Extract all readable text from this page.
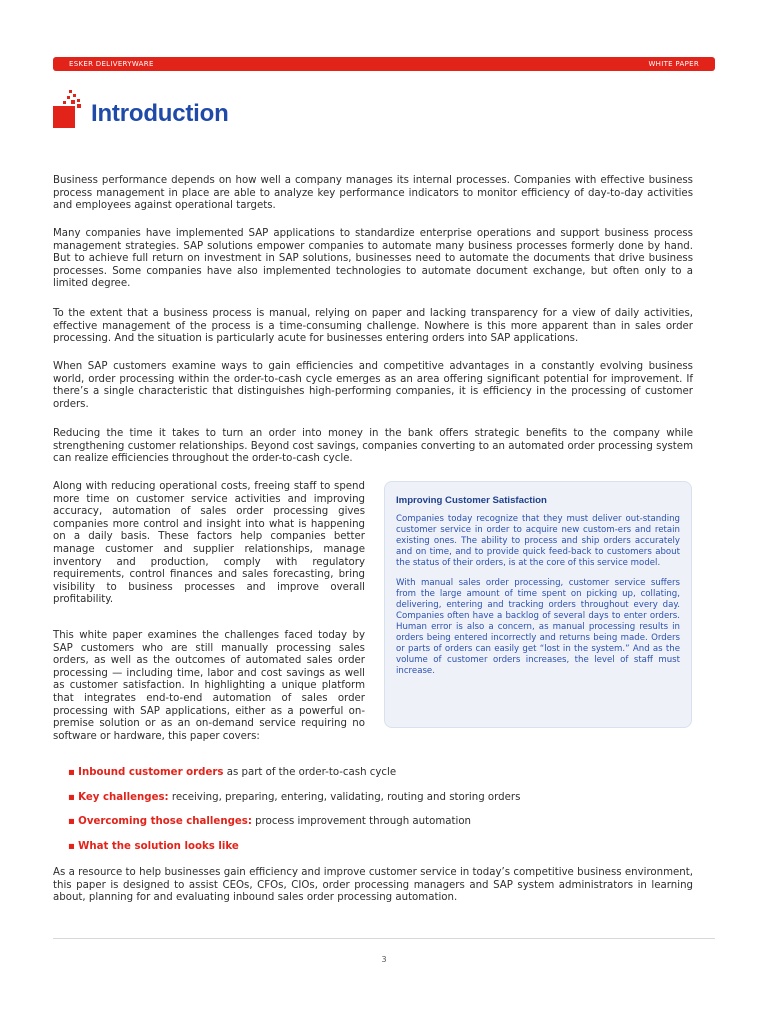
ESKER DELIVERYWARE	WHITE PAPER
Introduction

Business performance depends on how well a company manages its internal processes. Companies with effective business process management in place are able to analyze key performance indicators to monitor efficiency of day-to-day activities and employees against operational targets.

Many companies have implemented SAP applications to standardize enterprise operations and support business process management strategies. SAP solutions empower companies to automate many business processes formerly done by hand. But to achieve full return on investment in SAP solutions, businesses need to automate the documents that drive business processes. Some companies have also implemented technologies to automate document exchange, but often only to a limited degree.

To the extent that a business process is manual, relying on paper and lacking transparency for a view of daily activities, effective management of the process is a time-consuming challenge. Nowhere is this more apparent than in sales order processing. And the situation is particularly acute for businesses entering orders into SAP applications.

When SAP customers examine ways to gain efficiencies and competitive advantages in a constantly evolving business world, order processing within the order-to-cash cycle emerges as an area offering significant potential for improvement. If there’s a single characteristic that distinguishes high-performing companies, it is efficiency in the processing of customer orders.

Reducing the time it takes to turn an order into money in the bank offers strategic benefits to the company while strengthening customer relationships. Beyond cost savings, companies converting to an automated order processing system can realize efficiencies throughout the order-to-cash cycle.

Along with reducing operational costs, freeing staff to spend more time on customer service activities and improving accuracy, automation of sales order processing gives companies more control and insight into what is happening on a daily basis. These factors help companies better manage customer and supplier relationships, manage inventory and production, comply with regulatory requirements, control finances and sales forecasting, bring visibility to business processes and improve overall profitability.

This white paper examines the challenges faced today by SAP customers who are still manually processing sales orders, as well as the outcomes of automated sales order processing — including time, labor and cost savings as well as customer satisfaction. In highlighting a unique platform that integrates end-to-end automation of sales order processing with SAP applications, either as a powerful on-premise solution or as an on-demand service requiring no software or hardware, this paper covers:

Improving Customer Satisfaction

Companies today recognize that they must deliver out-standing customer service in order to acquire new custom-ers and retain existing ones. The ability to process and ship orders accurately and on time, and to provide quick feed-back to customers about the status of their orders, is at the core of this service model.

With manual sales order processing, customer service suffers from the large amount of time spent on picking up, collating, delivering, entering and tracking orders throughout every day. Companies often have a backlog of several days to enter orders. Human error is also a concern, as manual processing results in orders being entered incorrectly and returns being made. Orders or parts of orders can easily get “lost in the system.” And as the volume of customer orders increases, the level of staff must increase.

▪ Inbound customer orders as part of the order-to-cash cycle
▪ Key challenges: receiving, preparing, entering, validating, routing and storing orders
▪ Overcoming those challenges: process improvement through automation
▪ What the solution looks like

As a resource to help businesses gain efficiency and improve customer service in today’s competitive business environment, this paper is designed to assist CEOs, CFOs, CIOs, order processing managers and SAP system administrators in learning about, planning for and evaluating inbound sales order processing automation.

3
